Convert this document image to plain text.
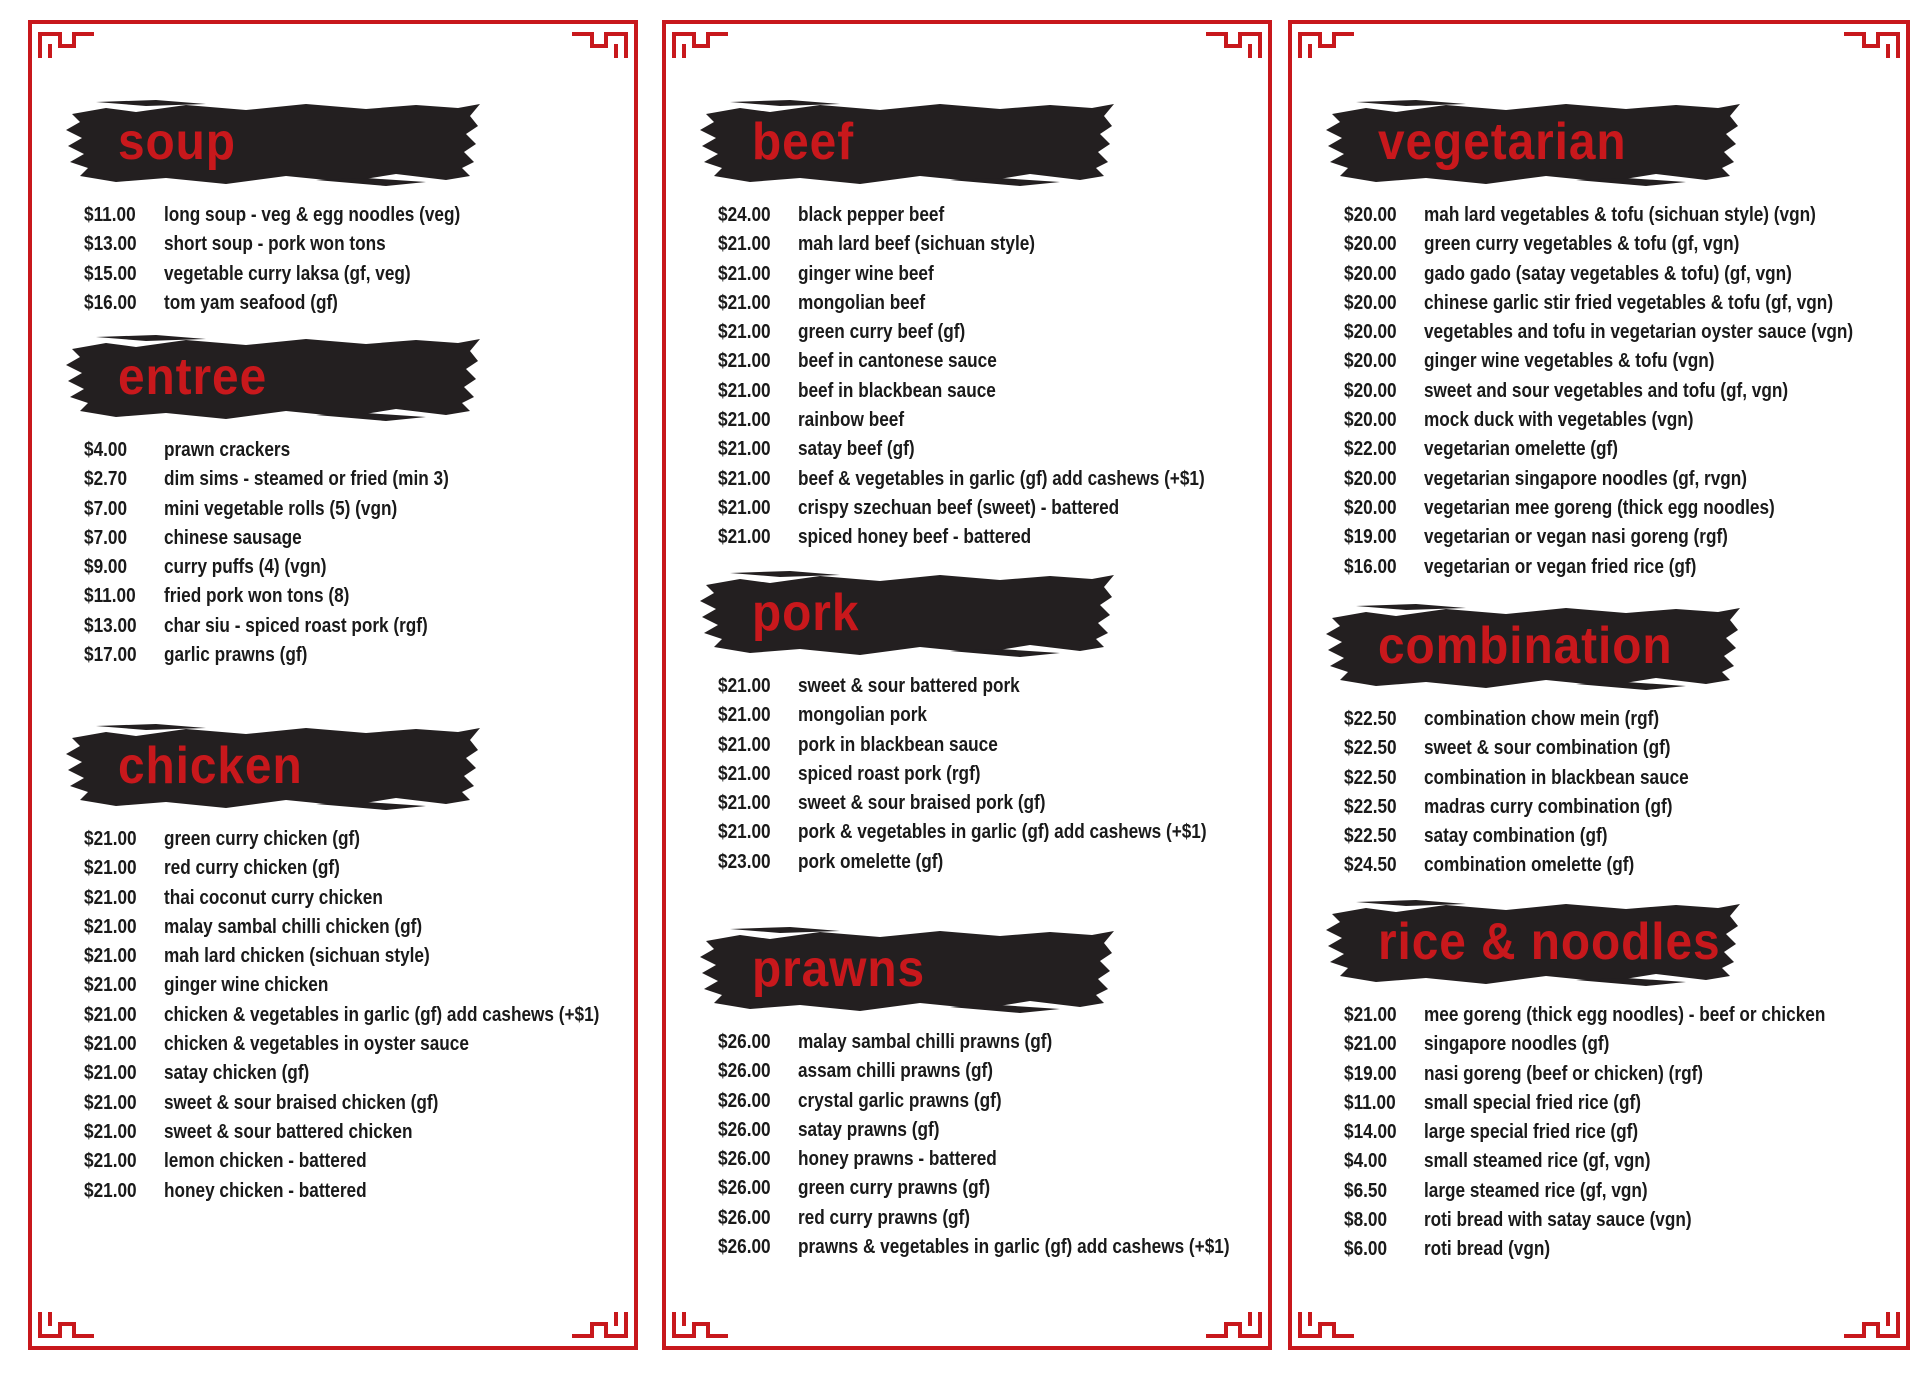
soup
$11.00	long soup - veg & egg noodles (veg)
$13.00	short soup - pork won tons
$15.00	vegetable curry laksa (gf, veg)
$16.00	tom yam seafood (gf)
entree
$4.00	prawn crackers
$2.70	dim sims - steamed or fried (min 3)
$7.00	mini vegetable rolls (5) (vgn)
$7.00	chinese sausage
$9.00	curry puffs (4) (vgn)
$11.00	fried pork won tons (8)
$13.00	char siu - spiced roast pork (rgf)
$17.00	garlic prawns (gf)
chicken
$21.00	green curry chicken (gf)
$21.00	red curry chicken (gf)
$21.00	thai coconut curry chicken
$21.00	malay sambal chilli chicken (gf)
$21.00	mah lard chicken (sichuan style)
$21.00	ginger wine chicken
$21.00	chicken & vegetables in garlic (gf) add cashews (+$1)
$21.00	chicken & vegetables in oyster sauce
$21.00	satay chicken (gf)
$21.00	sweet & sour braised chicken (gf)
$21.00	sweet & sour battered chicken
$21.00	lemon chicken - battered
$21.00	honey chicken - battered
beef
$24.00	black pepper beef
$21.00	mah lard beef (sichuan style)
$21.00	ginger wine beef
$21.00	mongolian beef
$21.00	green curry beef (gf)
$21.00	beef in cantonese sauce
$21.00	beef in blackbean sauce
$21.00	rainbow beef
$21.00	satay beef (gf)
$21.00	beef & vegetables in garlic (gf) add cashews (+$1)
$21.00	crispy szechuan beef (sweet) - battered
$21.00	spiced honey beef - battered
pork
$21.00	sweet & sour battered pork
$21.00	mongolian pork
$21.00	pork in blackbean sauce
$21.00	spiced roast pork (rgf)
$21.00	sweet & sour braised pork (gf)
$21.00	pork & vegetables in garlic (gf) add cashews (+$1)
$23.00	pork omelette (gf)
prawns
$26.00	malay sambal chilli prawns (gf)
$26.00	assam chilli prawns (gf)
$26.00	crystal garlic prawns (gf)
$26.00	satay prawns (gf)
$26.00	honey prawns - battered
$26.00	green curry prawns (gf)
$26.00	red curry prawns (gf)
$26.00	prawns & vegetables in garlic (gf) add cashews (+$1)
vegetarian
$20.00	mah lard vegetables & tofu (sichuan style) (vgn)
$20.00	green curry vegetables & tofu (gf, vgn)
$20.00	gado gado (satay vegetables & tofu) (gf, vgn)
$20.00	chinese garlic stir fried vegetables & tofu (gf, vgn)
$20.00	vegetables and tofu in vegetarian oyster sauce (vgn)
$20.00	ginger wine vegetables & tofu (vgn)
$20.00	sweet and sour vegetables and tofu (gf, vgn)
$20.00	mock duck with vegetables (vgn)
$22.00	vegetarian omelette (gf)
$20.00	vegetarian singapore noodles (gf, rvgn)
$20.00	vegetarian mee goreng (thick egg noodles)
$19.00	vegetarian or vegan nasi goreng (rgf)
$16.00	vegetarian or vegan fried rice (gf)
combination
$22.50	combination chow mein (rgf)
$22.50	sweet & sour combination (gf)
$22.50	combination in blackbean sauce
$22.50	madras curry combination (gf)
$22.50	satay combination (gf)
$24.50	combination omelette (gf)
rice & noodles
$21.00	mee goreng (thick egg noodles) - beef or chicken
$21.00	singapore noodles (gf)
$19.00	nasi goreng (beef or chicken) (rgf)
$11.00	small special fried rice (gf)
$14.00	large special fried rice (gf)
$4.00	small steamed rice (gf, vgn)
$6.50	large steamed rice (gf, vgn)
$8.00	roti bread with satay sauce (vgn)
$6.00	roti bread (vgn)
